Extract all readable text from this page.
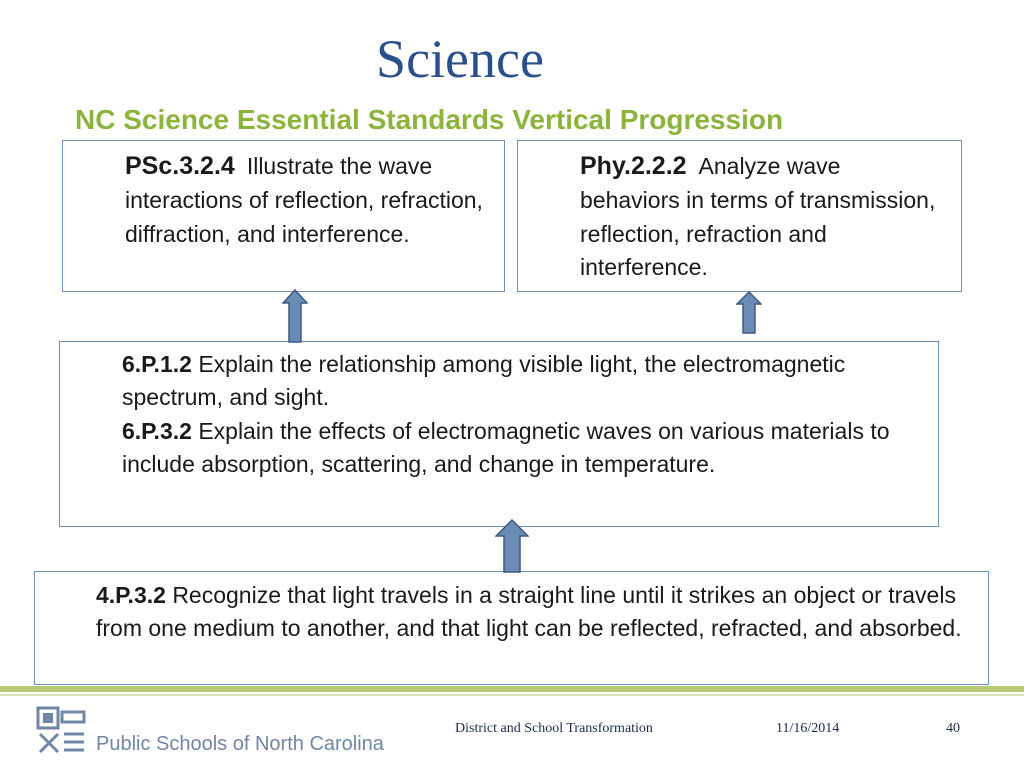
Science
NC Science Essential Standards Vertical Progression
PSc.3.2.4 Illustrate the wave interactions of reflection, refraction, diffraction, and interference.
Phy.2.2.2 Analyze wave behaviors in terms of transmission, reflection, refraction and interference.
6.P.1.2 Explain the relationship among visible light, the electromagnetic spectrum, and sight.
6.P.3.2 Explain the effects of electromagnetic waves on various materials to include absorption, scattering, and change in temperature.
4.P.3.2 Recognize that light travels in a straight line until it strikes an object or travels from one medium to another, and that light can be reflected, refracted, and absorbed.
Public Schools of North Carolina
District and School Transformation	11/16/2014	40
